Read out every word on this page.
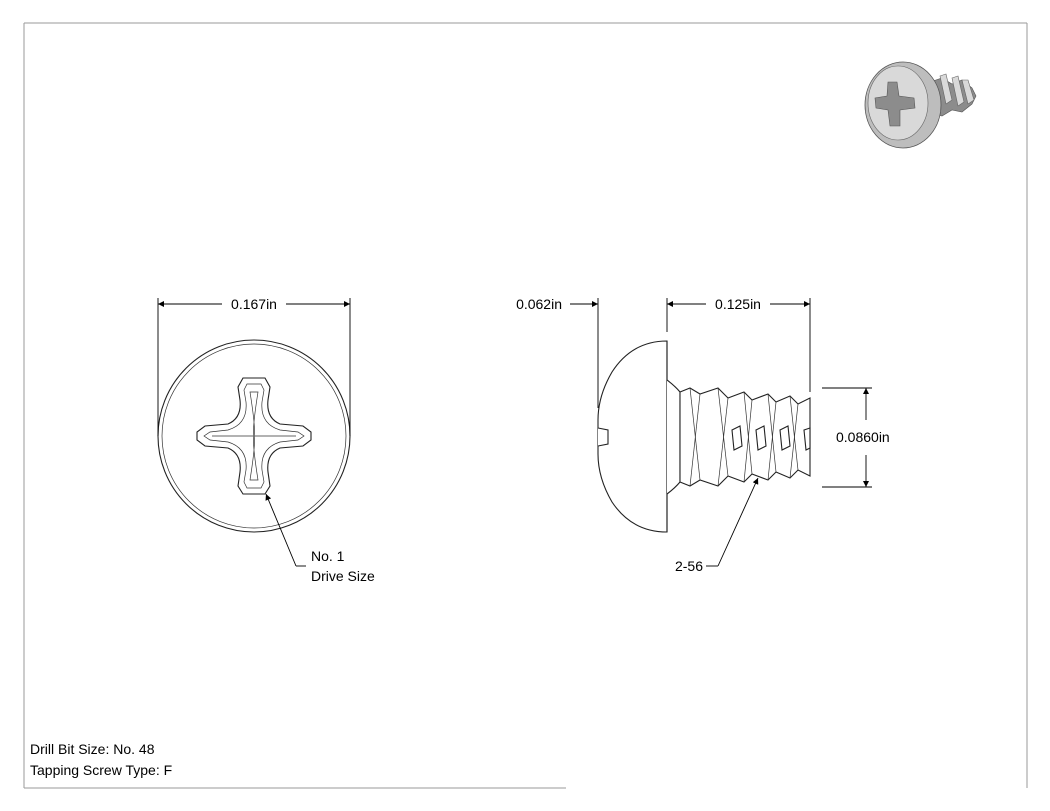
0.167in
No. 1
Drive Size
0.062in	0.125in
0.0860in
2-56
Drill Bit Size: No. 48
Tapping Screw Type: F
